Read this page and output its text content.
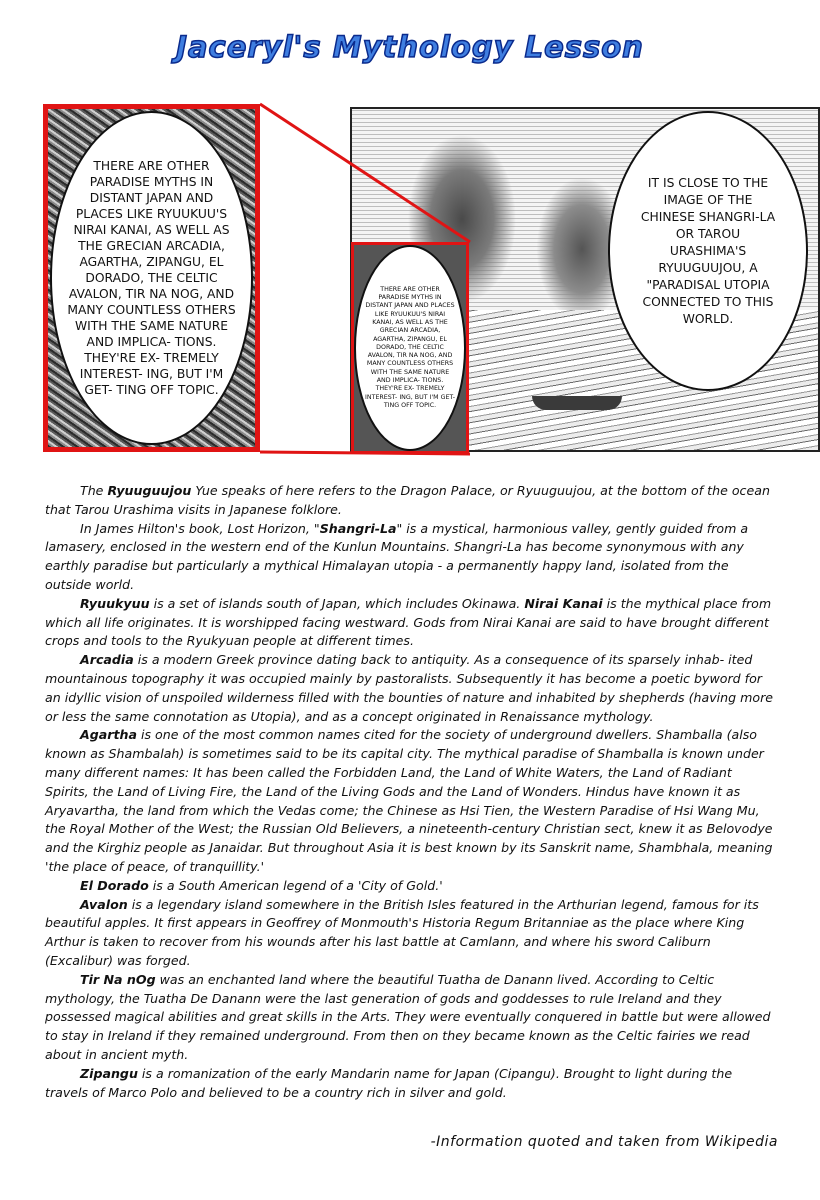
Jaceryl's Mythology Lesson
THERE ARE OTHER PARADISE MYTHS IN DISTANT JAPAN AND PLACES LIKE RYUUKUU'S NIRAI KANAI, AS WELL AS THE GRECIAN ARCADIA, AGARTHA, ZIPANGU, EL DORADO, THE CELTIC AVALON, TIR NA NOG, AND MANY COUNTLESS OTHERS WITH THE SAME NATURE AND IMPLICA- TIONS. THEY'RE EX- TREMELY INTEREST- ING, BUT I'M GET- TING OFF TOPIC.
IT IS CLOSE TO THE IMAGE OF THE CHINESE SHANGRI-LA OR TAROU URASHIMA'S RYUUGUUJOU, A "PARADISAL UTOPIA CONNECTED TO THIS WORLD.
THERE ARE OTHER PARADISE MYTHS IN DISTANT JAPAN AND PLACES LIKE RYUUKUU'S NIRAI KANAI, AS WELL AS THE GRECIAN ARCADIA, AGARTHA, ZIPANGU, EL DORADO, THE CELTIC AVALON, TIR NA NOG, AND MANY COUNTLESS OTHERS WITH THE SAME NATURE AND IMPLICA- TIONS. THEY'RE EX- TREMELY INTEREST- ING, BUT I'M GET- TING OFF TOPIC.

The Ryuuguujou Yue speaks of here refers to the Dragon Palace, or Ryuuguujou, at the bottom of the ocean that Tarou Urashima visits in Japanese folklore.

In James Hilton's book, Lost Horizon, "Shangri-La" is a mystical, harmonious valley, gently guided from a lamasery, enclosed in the western end of the Kunlun Mountains. Shangri-La has become synonymous with any earthly paradise but particularly a mythical Himalayan utopia - a permanently happy land, isolated from the outside world.

Ryuukyuu is a set of islands south of Japan, which includes Okinawa. Nirai Kanai is the mythical place from which all life originates. It is worshipped facing westward. Gods from Nirai Kanai are said to have brought different crops and tools to the Ryukyuan people at different times.

Arcadia is a modern Greek province dating back to antiquity. As a consequence of its sparsely inhab- ited mountainous topography it was occupied mainly by pastoralists. Subsequently it has become a poetic byword for an idyllic vision of unspoiled wilderness filled with the bounties of nature and inhabited by shepherds (having more or less the same connotation as Utopia), and as a concept originated in Renaissance mythology.

Agartha is one of the most common names cited for the society of underground dwellers. Shamballa (also known as Shambalah) is sometimes said to be its capital city. The mythical paradise of Shamballa is known under many different names: It has been called the Forbidden Land, the Land of White Waters, the Land of Radiant Spirits, the Land of Living Fire, the Land of the Living Gods and the Land of Wonders. Hindus have known it as Aryavartha, the land from which the Vedas come; the Chinese as Hsi Tien, the Western Paradise of Hsi Wang Mu, the Royal Mother of the West; the Russian Old Believers, a nineteenth-century Christian sect, knew it as Belovodye and the Kirghiz people as Janaidar. But throughout Asia it is best known by its Sanskrit name, Shambhala, meaning 'the place of peace, of tranquillity.'

El Dorado is a South American legend of a 'City of Gold.'

Avalon is a legendary island somewhere in the British Isles featured in the Arthurian legend, famous for its beautiful apples. It first appears in Geoffrey of Monmouth's Historia Regum Britanniae as the place where King Arthur is taken to recover from his wounds after his last battle at Camlann, and where his sword Caliburn (Excalibur) was forged.

Tir Na nOg was an enchanted land where the beautiful Tuatha de Danann lived. According to Celtic mythology, the Tuatha De Danann were the last generation of gods and goddesses to rule Ireland and they possessed magical abilities and great skills in the Arts. They were eventually conquered in battle but were allowed to stay in Ireland if they remained underground. From then on they became known as the Celtic fairies we read about in ancient myth.

Zipangu is a romanization of the early Mandarin name for Japan (Cipangu). Brought to light during the travels of Marco Polo and believed to be a country rich in silver and gold.

-Information quoted and taken from Wikipedia
